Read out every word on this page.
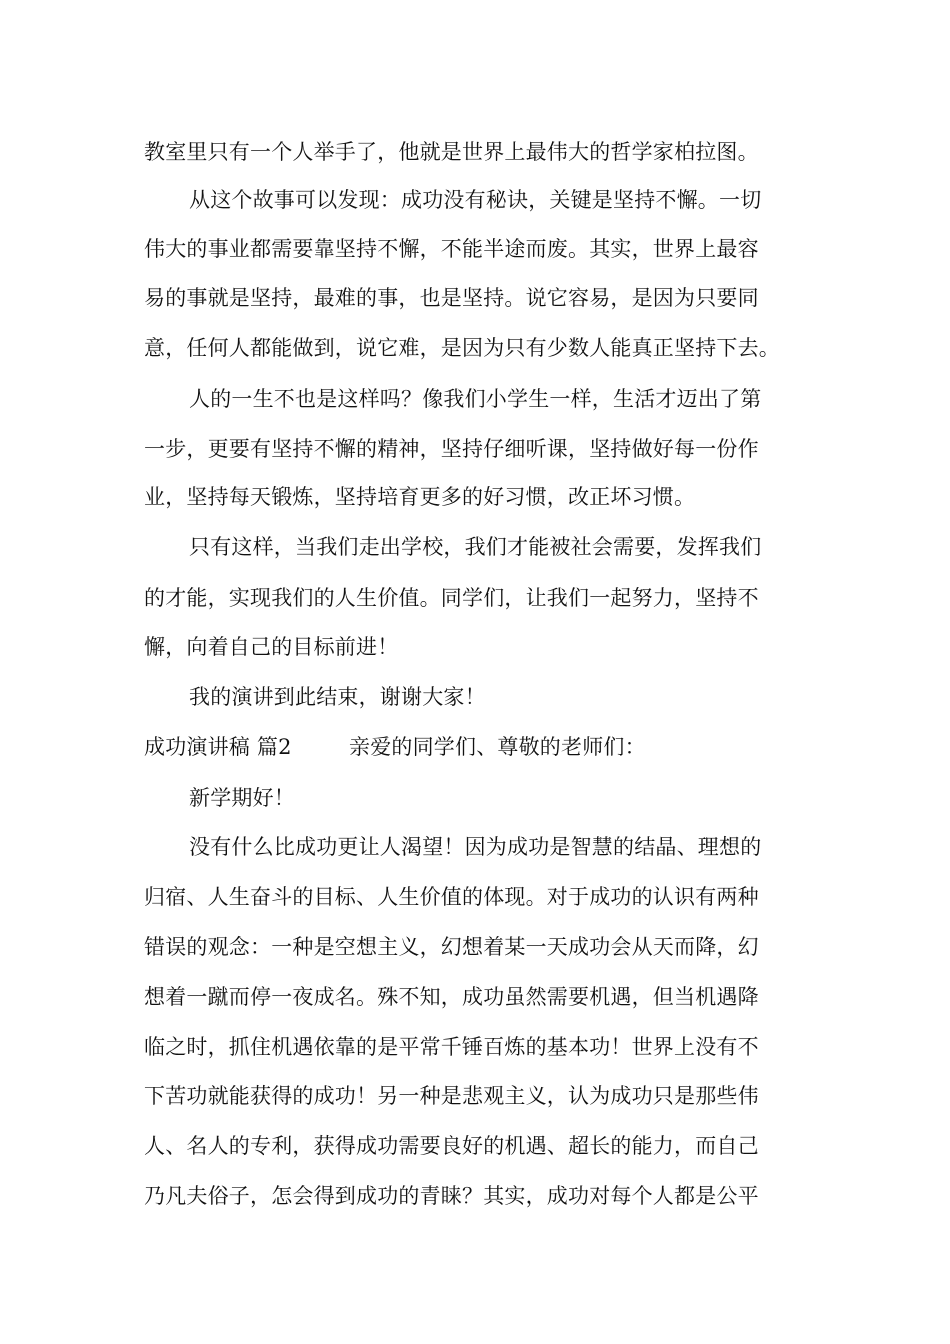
教室里只有一个人举手了，他就是世界上最伟大的哲学家柏拉图。
从这个故事可以发现：成功没有秘诀，关键是坚持不懈。一切
伟大的事业都需要靠坚持不懈，不能半途而废。其实，世界上最容
易的事就是坚持，最难的事，也是坚持。说它容易，是因为只要同
意，任何人都能做到，说它难，是因为只有少数人能真正坚持下去。
人的一生不也是这样吗？像我们小学生一样，生活才迈出了第
一步，更要有坚持不懈的精神，坚持仔细听课，坚持做好每一份作
业，坚持每天锻炼，坚持培育更多的好习惯，改正坏习惯。
只有这样，当我们走出学校，我们才能被社会需要，发挥我们
的才能，实现我们的人生价值。同学们，让我们一起努力，坚持不
懈，向着自己的目标前进！
我的演讲到此结束，谢谢大家！
成功演讲稿 篇2	亲爱的同学们、尊敬的老师们：
新学期好！
没有什么比成功更让人渴望！因为成功是智慧的结晶、理想的
归宿、人生奋斗的目标、人生价值的体现。对于成功的认识有两种
错误的观念：一种是空想主义，幻想着某一天成功会从天而降，幻
想着一蹴而停一夜成名。殊不知，成功虽然需要机遇，但当机遇降
临之时，抓住机遇依靠的是平常千锤百炼的基本功！世界上没有不
下苦功就能获得的成功！另一种是悲观主义，认为成功只是那些伟
人、名人的专利，获得成功需要良好的机遇、超长的能力，而自己
乃凡夫俗子，怎会得到成功的青睐？其实，成功对每个人都是公平
